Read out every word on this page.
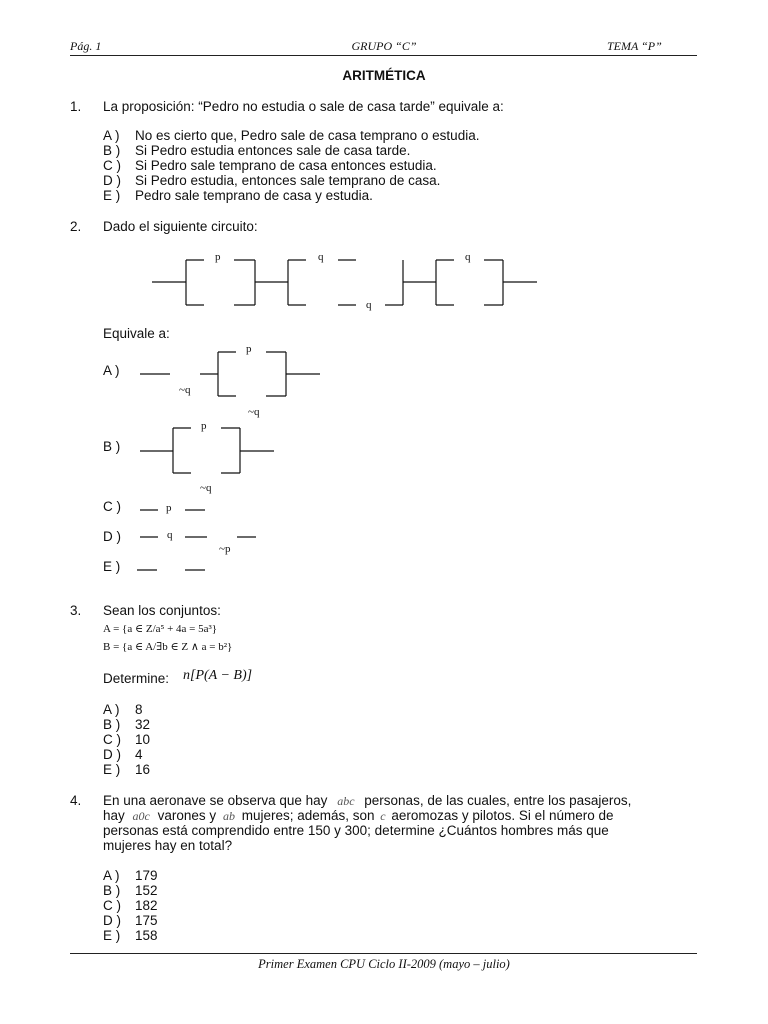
Pág. 1	GRUPO “C”	TEMA “P”
ARITMÉTICA
1. La proposición: “Pedro no estudia o sale de casa tarde” equivale a:
A )	No es cierto que, Pedro sale de casa temprano o estudia.
B )	Si Pedro estudia entonces sale de casa tarde.
C )	Si Pedro sale temprano de casa entonces estudia.
D )	Si Pedro estudia, entonces sale temprano de casa.
E )	Pedro sale temprano de casa y estudia.
2. Dado el siguiente circuito:
p	q
q
q
~q
p
~q
p
~q
p
q
~p
Equivale a:
A )
B )
C )
D )
E )
3. Sean los conjuntos:
A = {a ∈ Z/a⁵ + 4a = 5a³}
B = {a ∈ A/∃b ∈ Z ∧ a = b²}
Determine: n[P(A − B)]
A )	8
B )	32
C )	10
D )	4
E )	16
4. En una aeronave se observa que hay abc personas, de las cuales, entre los pasajeros,
hay a0c varones y ab mujeres; además, son c aeromozas y pilotos. Si el número de
personas está comprendido entre 150 y 300; determine ¿Cuántos hombres más que
mujeres hay en total?
A )	179
B )	152
C )	182
D )	175
E )	158
Primer Examen CPU Ciclo II-2009 (mayo – julio)
